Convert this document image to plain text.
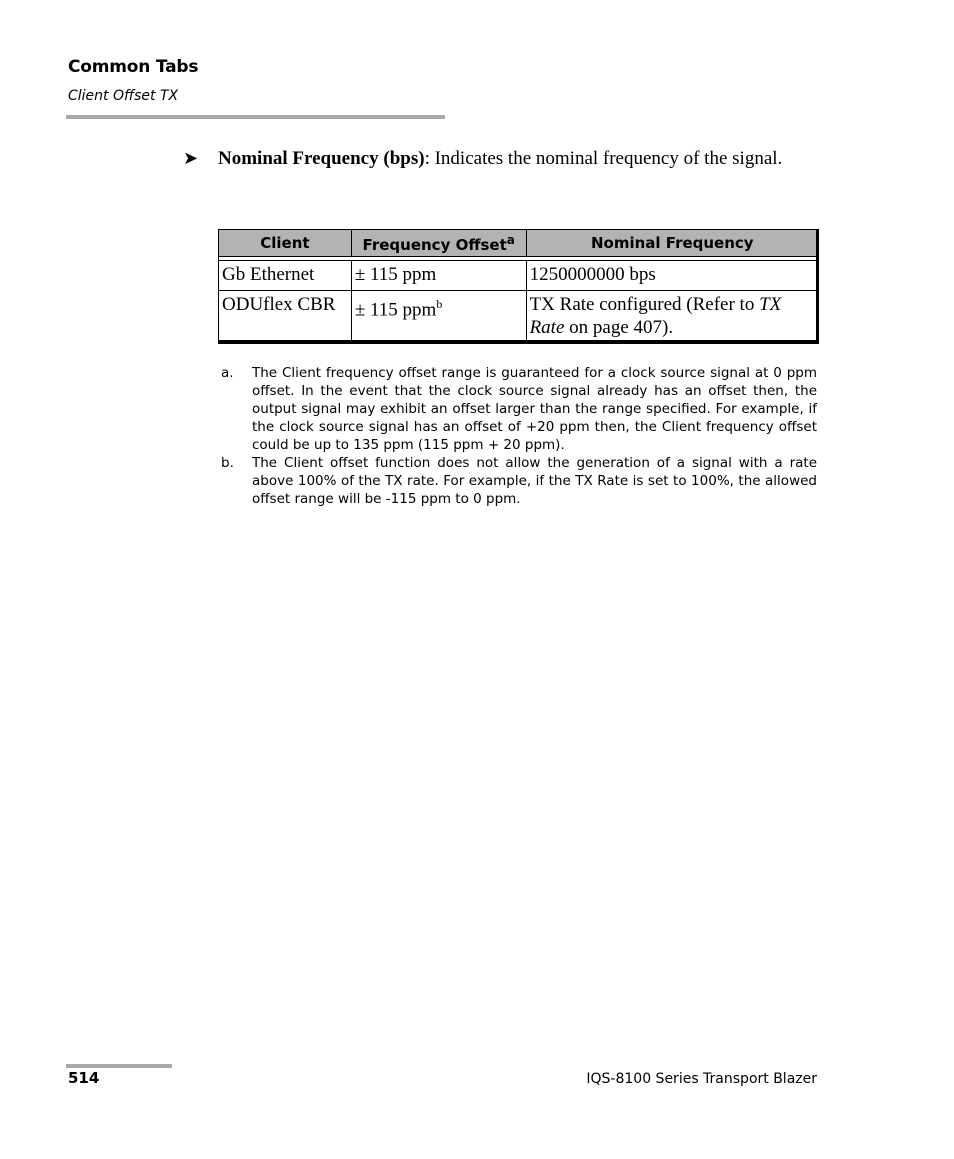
Common Tabs
Client Offset TX
➤ Nominal Frequency (bps): Indicates the nominal frequency of the signal.
Client	Frequency Offset$^a$	Nominal Frequency

Gb Ethernet	± 115 ppm	1250000000 bps
ODUflex CBR	± 115 ppm$^b$	TX Rate configured (Refer to TX Rate on page 407).
a. The Client frequency offset range is guaranteed for a clock source signal at 0 ppm offset. In the event that the clock source signal already has an offset then, the output signal may exhibit an offset larger than the range specified. For example, if the clock source signal has an offset of +20 ppm then, the Client frequency offset could be up to 135 ppm (115 ppm + 20 ppm).
b. The Client offset function does not allow the generation of a signal with a rate above 100% of the TX rate. For example, if the TX Rate is set to 100%, the allowed offset range will be -115 ppm to 0 ppm.
514	IQS-8100 Series Transport Blazer
